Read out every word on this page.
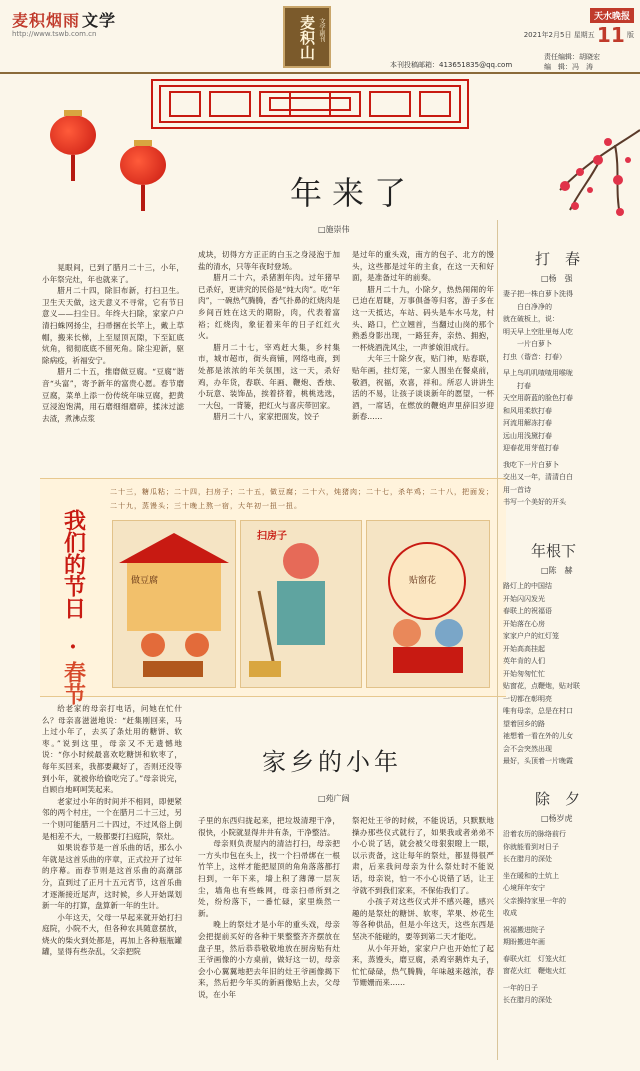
麦积烟雨 文学
http://www.tswb.com.cn	麦积山 文学副刊
天水晚报
2021年2月5日 星期五 11 版
责任编辑：胡晓宏
编　辑：冯　涛
本刊投稿邮箱：413651835@qq.com
年来了
□施崇伟

晃眼间，已到了腊月二十三，小年，小年祭完灶，年也就来了。

腊月二十四，除旧布新，打扫卫生。卫生天天做，这天意义不寻常，它有节日意义——扫尘日。年终大扫除，家家户户清扫蛛网扬尘，扫帚捆在长竿上，戴上草帽，搬来长梯，上至屋顶瓦隙，下至缸底炕角，彻彻底底不留死角。除尘迎新，驱除病疫，祈福安宁。

腊月二十五，推磨做豆腐。“豆腐”谐音“头富”，寄予新年的富贵心愿。春节磨豆腐，菜单上添一份传统年味豆腐，把黄豆浸泡饱满，用石磨细细磨碎，揉沫过滤去渣，煮沸点浆

成块，切得方方正正的白玉之身浸泡于加盐的清水，只等年夜时登场。

腊月二十六，杀猪割年肉。过年猪早已杀好，更讲究的民俗是“炖大肉”。吃“年肉”，一碗热气腾腾，香气扑鼻的红烧肉是乡间百姓在这天的期盼，肉，代表着富裕；红烧肉，象征着来年的日子红红火火。

腊月二十七，宰鸡赶大集，乡村集市，城市超市，街头商铺，网络电商，到处都是浓浓的年关氛围，这一天，杀好鸡，办年货，春联、年画、鞭炮、香烛、小玩意、装饰品，挨着挤着，桃桃选选，一大包，一背篓，把红火与喜庆带回家。

腊月二十八，家家把面发，饺子

是过年的重头戏，南方的包子、北方的馒头，这些都是过年的主食，在这一天和好面，是准备过年的前奏。

腊月二十九，小除夕，热热闹闹的年已迫在眉睫，万事俱备等归客，游子多在这一天抵达，车站、码头是车水马龙，村头、路口，伫立翘首，当翻过山岗的那个熟悉身影出现，一路狂奔，亲热、拥抱，一杯烧酒洗风尘，一声爹娘泪成行。

大年三十除夕夜，贴门神，贴春联，贴年画，挂灯笼，一家人围坐在餐桌前，敬酒，祝福，欢喜，祥和。所忍人讲讲生活的不易，让孩子谈谈新年的愿望，一杯酒，一席话，在燃放的鞭炮声里辞旧岁迎新春……

我们的节日
·
春节
二十三，糖瓜粘；二十四，扫房子；二十五，做豆腐；二十六，炖猪肉；二十七，杀年鸡；二十八，把面发；二十九，蒸馒头；三十晚上熬一宿，大年初一扭一扭。
做豆腐
扫房子
贴窗花
家乡的小年
□苑广阔

给老家的母亲打电话，问她在忙什么？母亲喜滋滋地说：“赶集刚回来，马上过小年了，去买了条灶用的糖饼、软枣。”说到这里，母亲又不无遗憾地说：“你小时候最喜欢吃糖饼和软枣了，每年买回来，我都要藏好了，否则还没等到小年，就被你给偷吃完了。”母亲说完，自顾自地呵呵笑起来。

老家过小年的时间并不相同，即便紧邻的两个村庄，一个在腊月二十三过，另一个则可能腊月二十四过，不过风俗上倒是相差不大，一般都要打扫庭院，祭灶。

如果说春节是一首乐曲的话，那么小年就是这首乐曲的序章，正式拉开了过年的序幕。而春节则是这首乐曲的高潮部分，直到过了正月十五元宵节，这首乐曲才逐渐接近尾声，这时候，乡人开始谋划新一年的打算，盘算新一年的生计。

小年这天，父母一早起来就开始打扫庭院，小院不大，但各种农具随意摆放，烧火的柴火到处都是，再加上各种瓶瓶罐罐，显得有些杂乱，父亲把院

子里的东西归拢起来，把垃圾清理干净，很快，小院就显得井井有条，干净整洁。

母亲则负责屋内的清洁打扫，母亲把一方头巾包在头上，找一个扫帚绑在一根竹竿上，这样才能把屋顶的角角落落都打扫到，一年下来，墙上积了薄薄一层灰尘，墙角也有些蛛网，母亲扫帚所到之处，纷纷落下，一番忙碌，家里焕然一新。

晚上的祭灶才是小年的重头戏，母亲会把提前买好的各种干果整整齐齐摆放在盘子里，然后恭恭敬敬地放在厨房贴有灶王爷画像的小方桌前，做好这一切，母亲会小心翼翼地把去年旧的灶王爷画像揭下来，然后把今年买的新画像贴上去，父母说，在小年

祭祀灶王爷的时候，不能说话，只默默地操办那些仪式就行了，如果我或者弟弟不小心说了话，就会被父母狠狠瞪上一眼，以示责备，这让每年的祭灶，都显得很严肃，后来我问母亲为什么祭灶时不能说话，母亲说，怕一不小心说错了话，让王爷就不到我们家来，不保佑我们了。

小孩子对这些仪式并不感兴趣，感兴趣的是祭灶的糖饼、软枣，苹果、炒花生等各种供品，但是小年这天，这些东西是坚决不能碰的，要等到第二天才能吃。

从小年开始，家家户户也开始忙了起来，蒸馒头，磨豆腐，杀鸡宰鹅炸丸子，忙忙碌碌，热气腾腾，年味越来越浓，春节姗姗而来……

打　春
□杨　强
妻子把一株白萝卜洗得
　　白白净净的
就在破板上，说：
明天早上空肚里每人吃
　　一片白萝卜
打虫（谐音：打春）

早上鸟叽叽喳喳用喉咙
　　打春
天空用蔚蓝的脸色打春
和风用柔软打春
河流用解冻打春
远山用浅黛打春
迎春花用芽苞打春

我吃下一片白萝卜
交出又一年，清清白白
用一首诗
书写一个美好的开头
年根下
□陈　赫
路灯上的中国结
开始闪闪发光
春联上的祝福语
开始落在心房
家家户户的红灯笼
开始高高挂起
英年肯的人们
开始匆匆忙忙
贴窗花，点鞭炮，贴对联
一切都在彰明亮
唯有母亲，总是在村口
望着回乡的路
祂想着一看在外的儿女
会不会突然出现
最好，头顶着一片晚霞
除　夕
□杨岁虎
沿着农历的脉络前行
你就能看到对日子
长在腊月的深处

坐在暖和的土炕上
心境拜年安宁
父亲操持家里一年的
收成

祝福搬进院子
期盼搬进年画

春联火红　灯笼火红
窗花火红　鞭炮火红

一年的日子
长在腊月的深处
